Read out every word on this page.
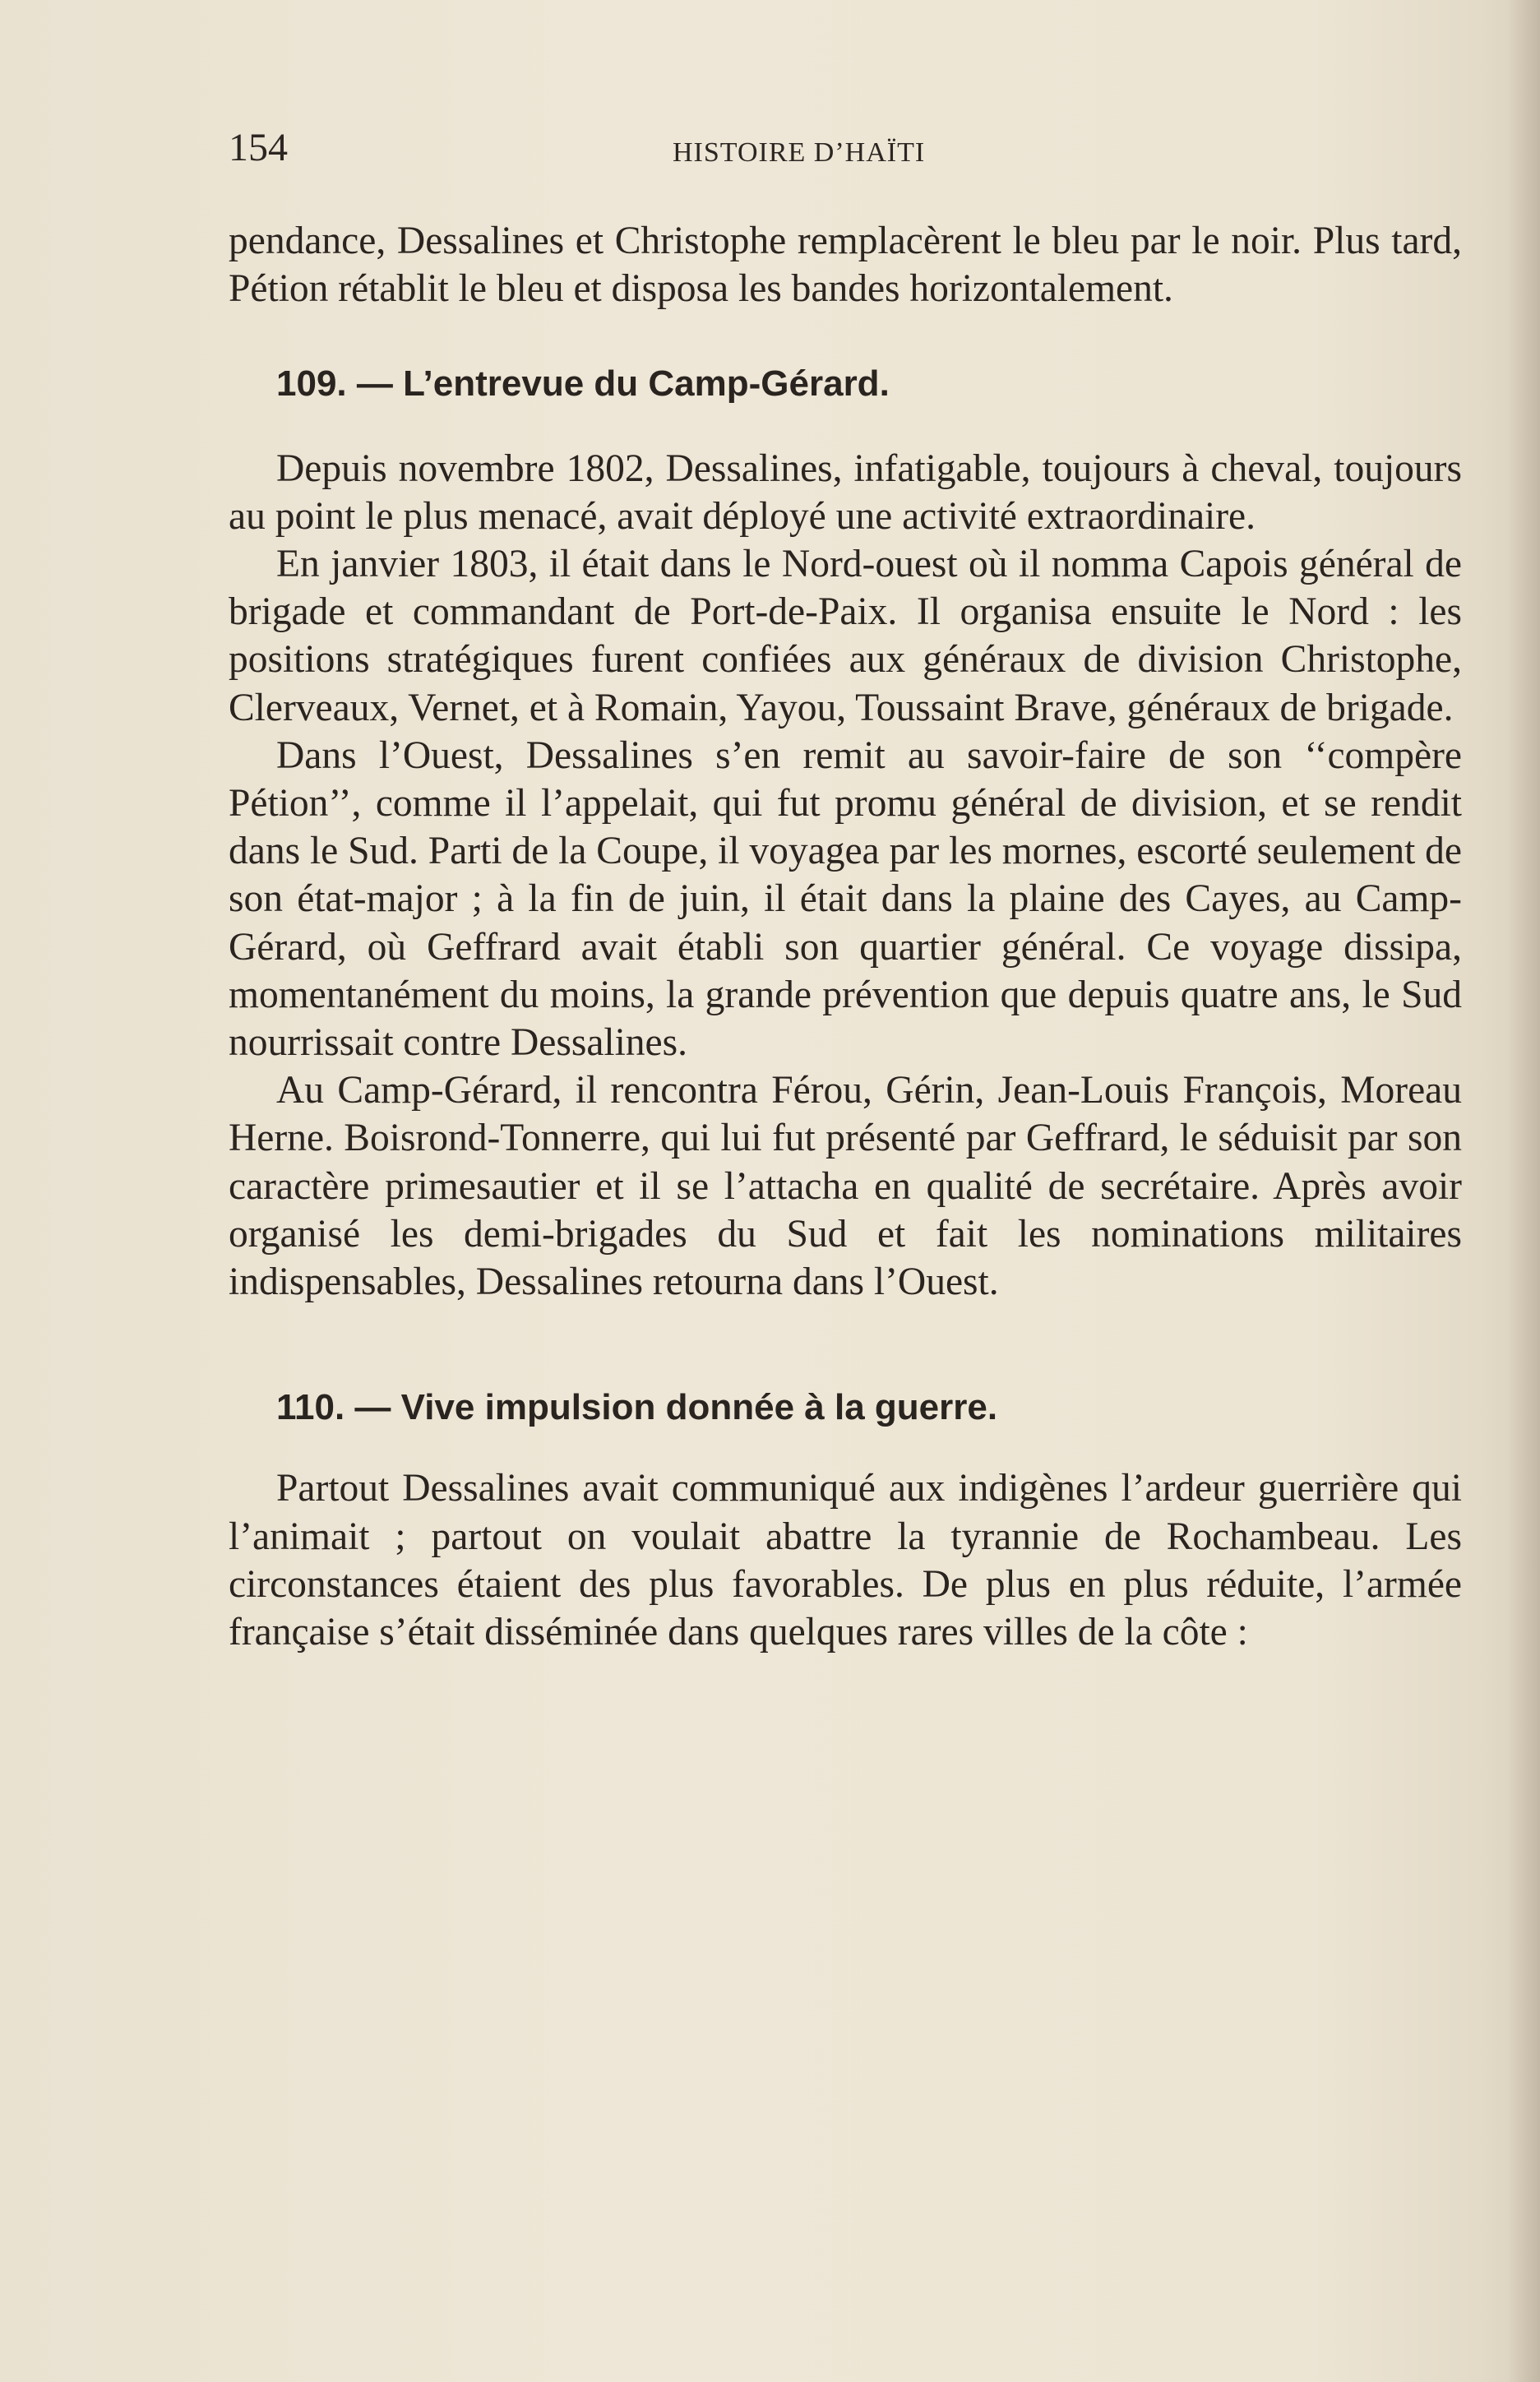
154	HISTOIRE D’HAÏTI

pendance, Dessalines et Christophe remplacèrent le bleu par le noir. Plus tard, Pétion rétablit le bleu et disposa les bandes horizontalement.

109. — L’entrevue du Camp-Gérard.

Depuis novembre 1802, Dessalines, infatigable, toujours à cheval, toujours au point le plus menacé, avait déployé une activité extraordinaire.

En janvier 1803, il était dans le Nord-ouest où il nomma Capois général de brigade et commandant de Port-de-Paix. Il organisa ensuite le Nord : les positions stratégiques furent confiées aux généraux de division Christophe, Clerveaux, Vernet, et à Romain, Yayou, Toussaint Brave, généraux de brigade.

Dans l’Ouest, Dessalines s’en remit au savoir-faire de son ‘‘compère Pétion’’, comme il l’appelait, qui fut promu général de division, et se rendit dans le Sud. Parti de la Coupe, il voyagea par les mornes, escorté seulement de son état-major ; à la fin de juin, il était dans la plaine des Cayes, au Camp-Gérard, où Geffrard avait établi son quartier général. Ce voyage dissipa, momentanément du moins, la grande prévention que depuis quatre ans, le Sud nourrissait contre Dessalines.

Au Camp-Gérard, il rencontra Férou, Gérin, Jean-Louis François, Moreau Herne. Boisrond-Tonnerre, qui lui fut présenté par Geffrard, le séduisit par son caractère primesautier et il se l’attacha en qualité de secrétaire. Après avoir organisé les demi-brigades du Sud et fait les nominations militaires indispensables, Dessalines retourna dans l’Ouest.

110. — Vive impulsion donnée à la guerre.

Partout Dessalines avait communiqué aux indigènes l’ardeur guerrière qui l’animait ; partout on voulait abattre la tyrannie de Rochambeau. Les circonstances étaient des plus favorables. De plus en plus réduite, l’armée française s’était disséminée dans quelques rares villes de la côte :
